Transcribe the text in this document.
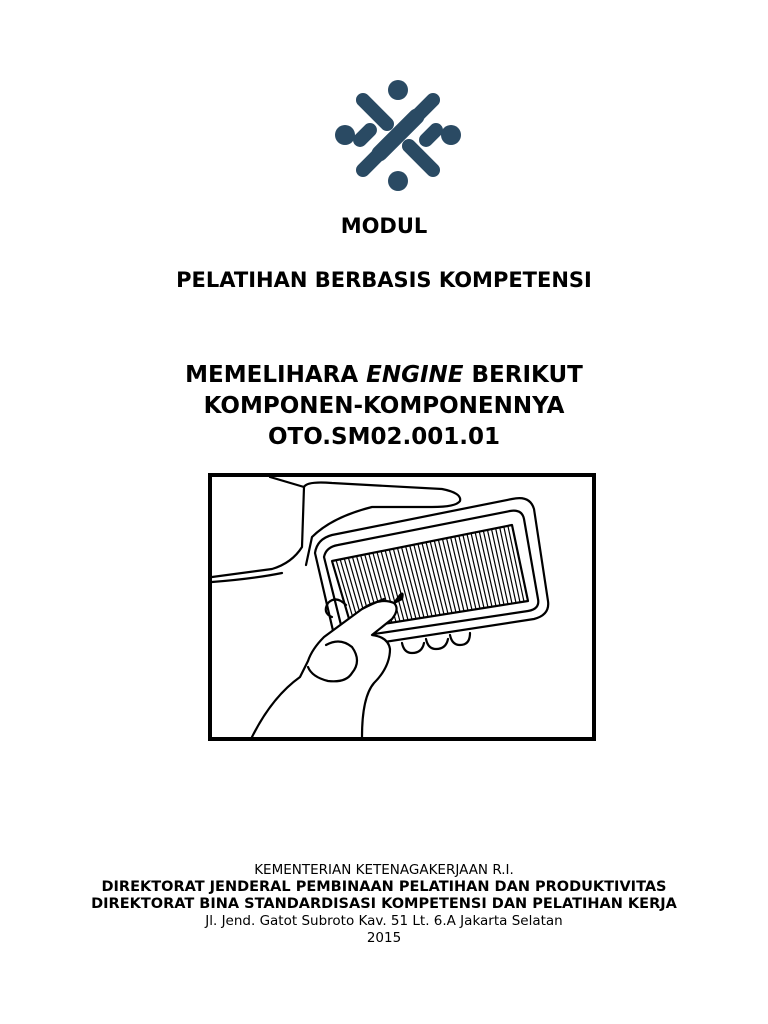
MODUL
PELATIHAN BERBASIS KOMPETENSI
MEMELIHARA ENGINE BERIKUT
KOMPONEN-KOMPONENNYA
OTO.SM02.001.01
KEMENTERIAN KETENAGAKERJAAN R.I.
DIREKTORAT JENDERAL PEMBINAAN PELATIHAN DAN PRODUKTIVITAS
DIREKTORAT BINA STANDARDISASI KOMPETENSI DAN PELATIHAN KERJA
Jl. Jend. Gatot Subroto Kav. 51 Lt. 6.A Jakarta Selatan
2015
